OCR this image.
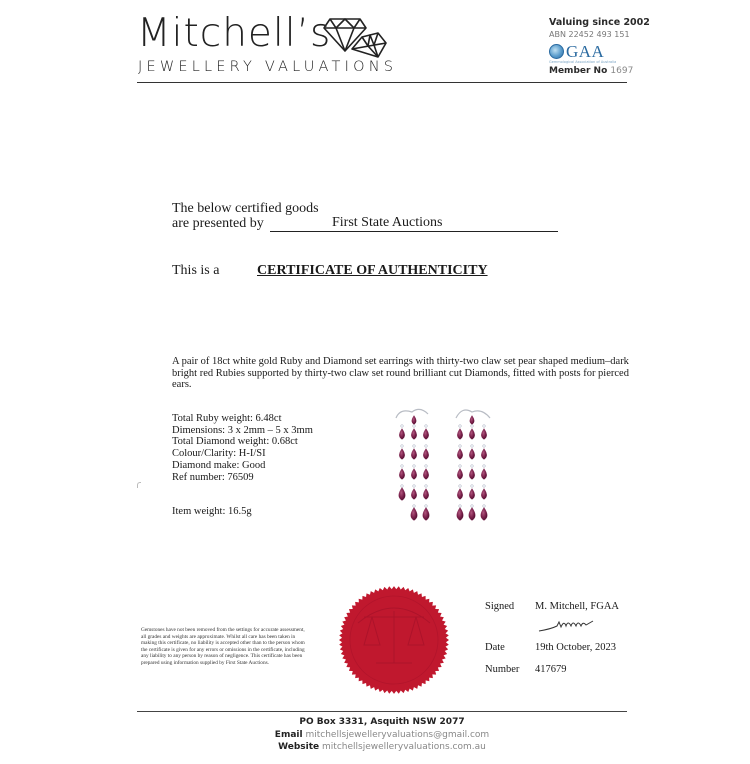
Mitchell’s
JEWELLERY VALUATIONS
Valuing since 2002
ABN 22452 493 151
GAA
Gemmological Association of Australia
Member No 1697
The below certified goods
are presented by	First State Auctions
This is a	CERTIFICATE OF AUTHENTICITY
A pair of 18ct white gold Ruby and Diamond set earrings with thirty-two claw set pear shaped medium–dark bright red Rubies supported by thirty-two claw set round brilliant cut Diamonds, fitted with posts for pierced ears.
Total Ruby weight: 6.48ct
Dimensions: 3 x 2mm – 5 x 3mm
Total Diamond weight: 0.68ct
Colour/Clarity: H-I/SI
Diamond make: Good
Ref number: 76509
Item weight: 16.5g
Gemstones have not been removed from the settings for accurate assessment, all grades and weights are approximate. Whilst all care has been taken in making this certificate, no liability is accepted other than to the person whom the certificate is given for any errors or omissions in the certificate, including any liability to any person by reason of negligence. This certificate has been prepared using information supplied by First State Auctions.
Signed M. Mitchell, FGAA
Date	19th October, 2023
Number 417679
PO Box 3331, Asquith NSW 2077
Email mitchellsjewelleryvaluations@gmail.com
Website mitchellsjewelleryvaluations.com.au
